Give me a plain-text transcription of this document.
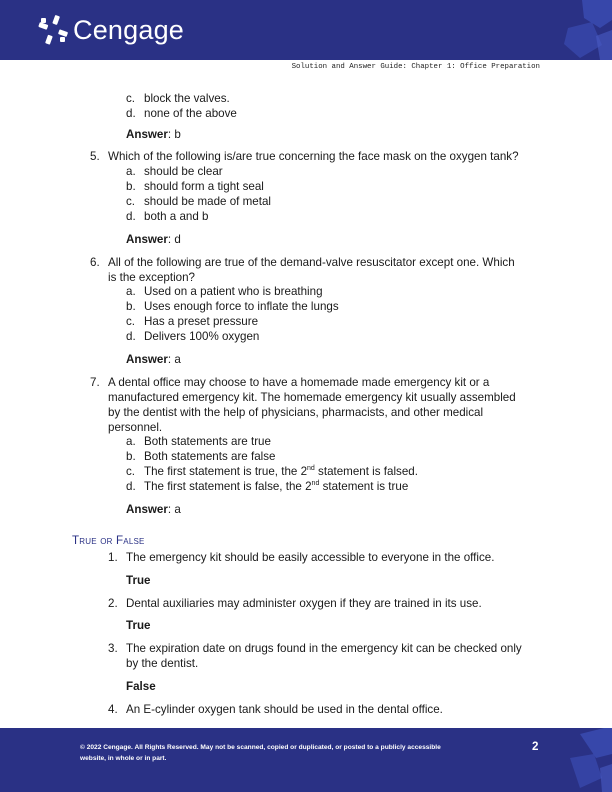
Cengage
Solution and Answer Guide: Chapter 1: Office Preparation
c. block the valves.
d. none of the above
Answer: b
5. Which of the following is/are true concerning the face mask on the oxygen tank?
a. should be clear
b. should form a tight seal
c. should be made of metal
d. both a and b
Answer: d
6. All of the following are true of the demand-valve resuscitator except one. Which
is the exception?
a. Used on a patient who is breathing
b. Uses enough force to inflate the lungs
c. Has a preset pressure
d. Delivers 100% oxygen
Answer: a
7. A dental office may choose to have a homemade made emergency kit or a
manufactured emergency kit. The homemade emergency kit usually assembled
by the dentist with the help of physicians, pharmacists, and other medical
personnel.
a. Both statements are true
b. Both statements are false
c. The first statement is true, the 2nd statement is falsed.
d. The first statement is false, the 2nd statement is true
Answer: a
True or False
1. The emergency kit should be easily accessible to everyone in the office.
True
2. Dental auxiliaries may administer oxygen if they are trained in its use.
True
3. The expiration date on drugs found in the emergency kit can be checked only
by the dentist.
False
4. An E-cylinder oxygen tank should be used in the dental office.
© 2022 Cengage. All Rights Reserved. May not be scanned, copied or duplicated, or posted to a publicly accessible
website, in whole or in part.
2
